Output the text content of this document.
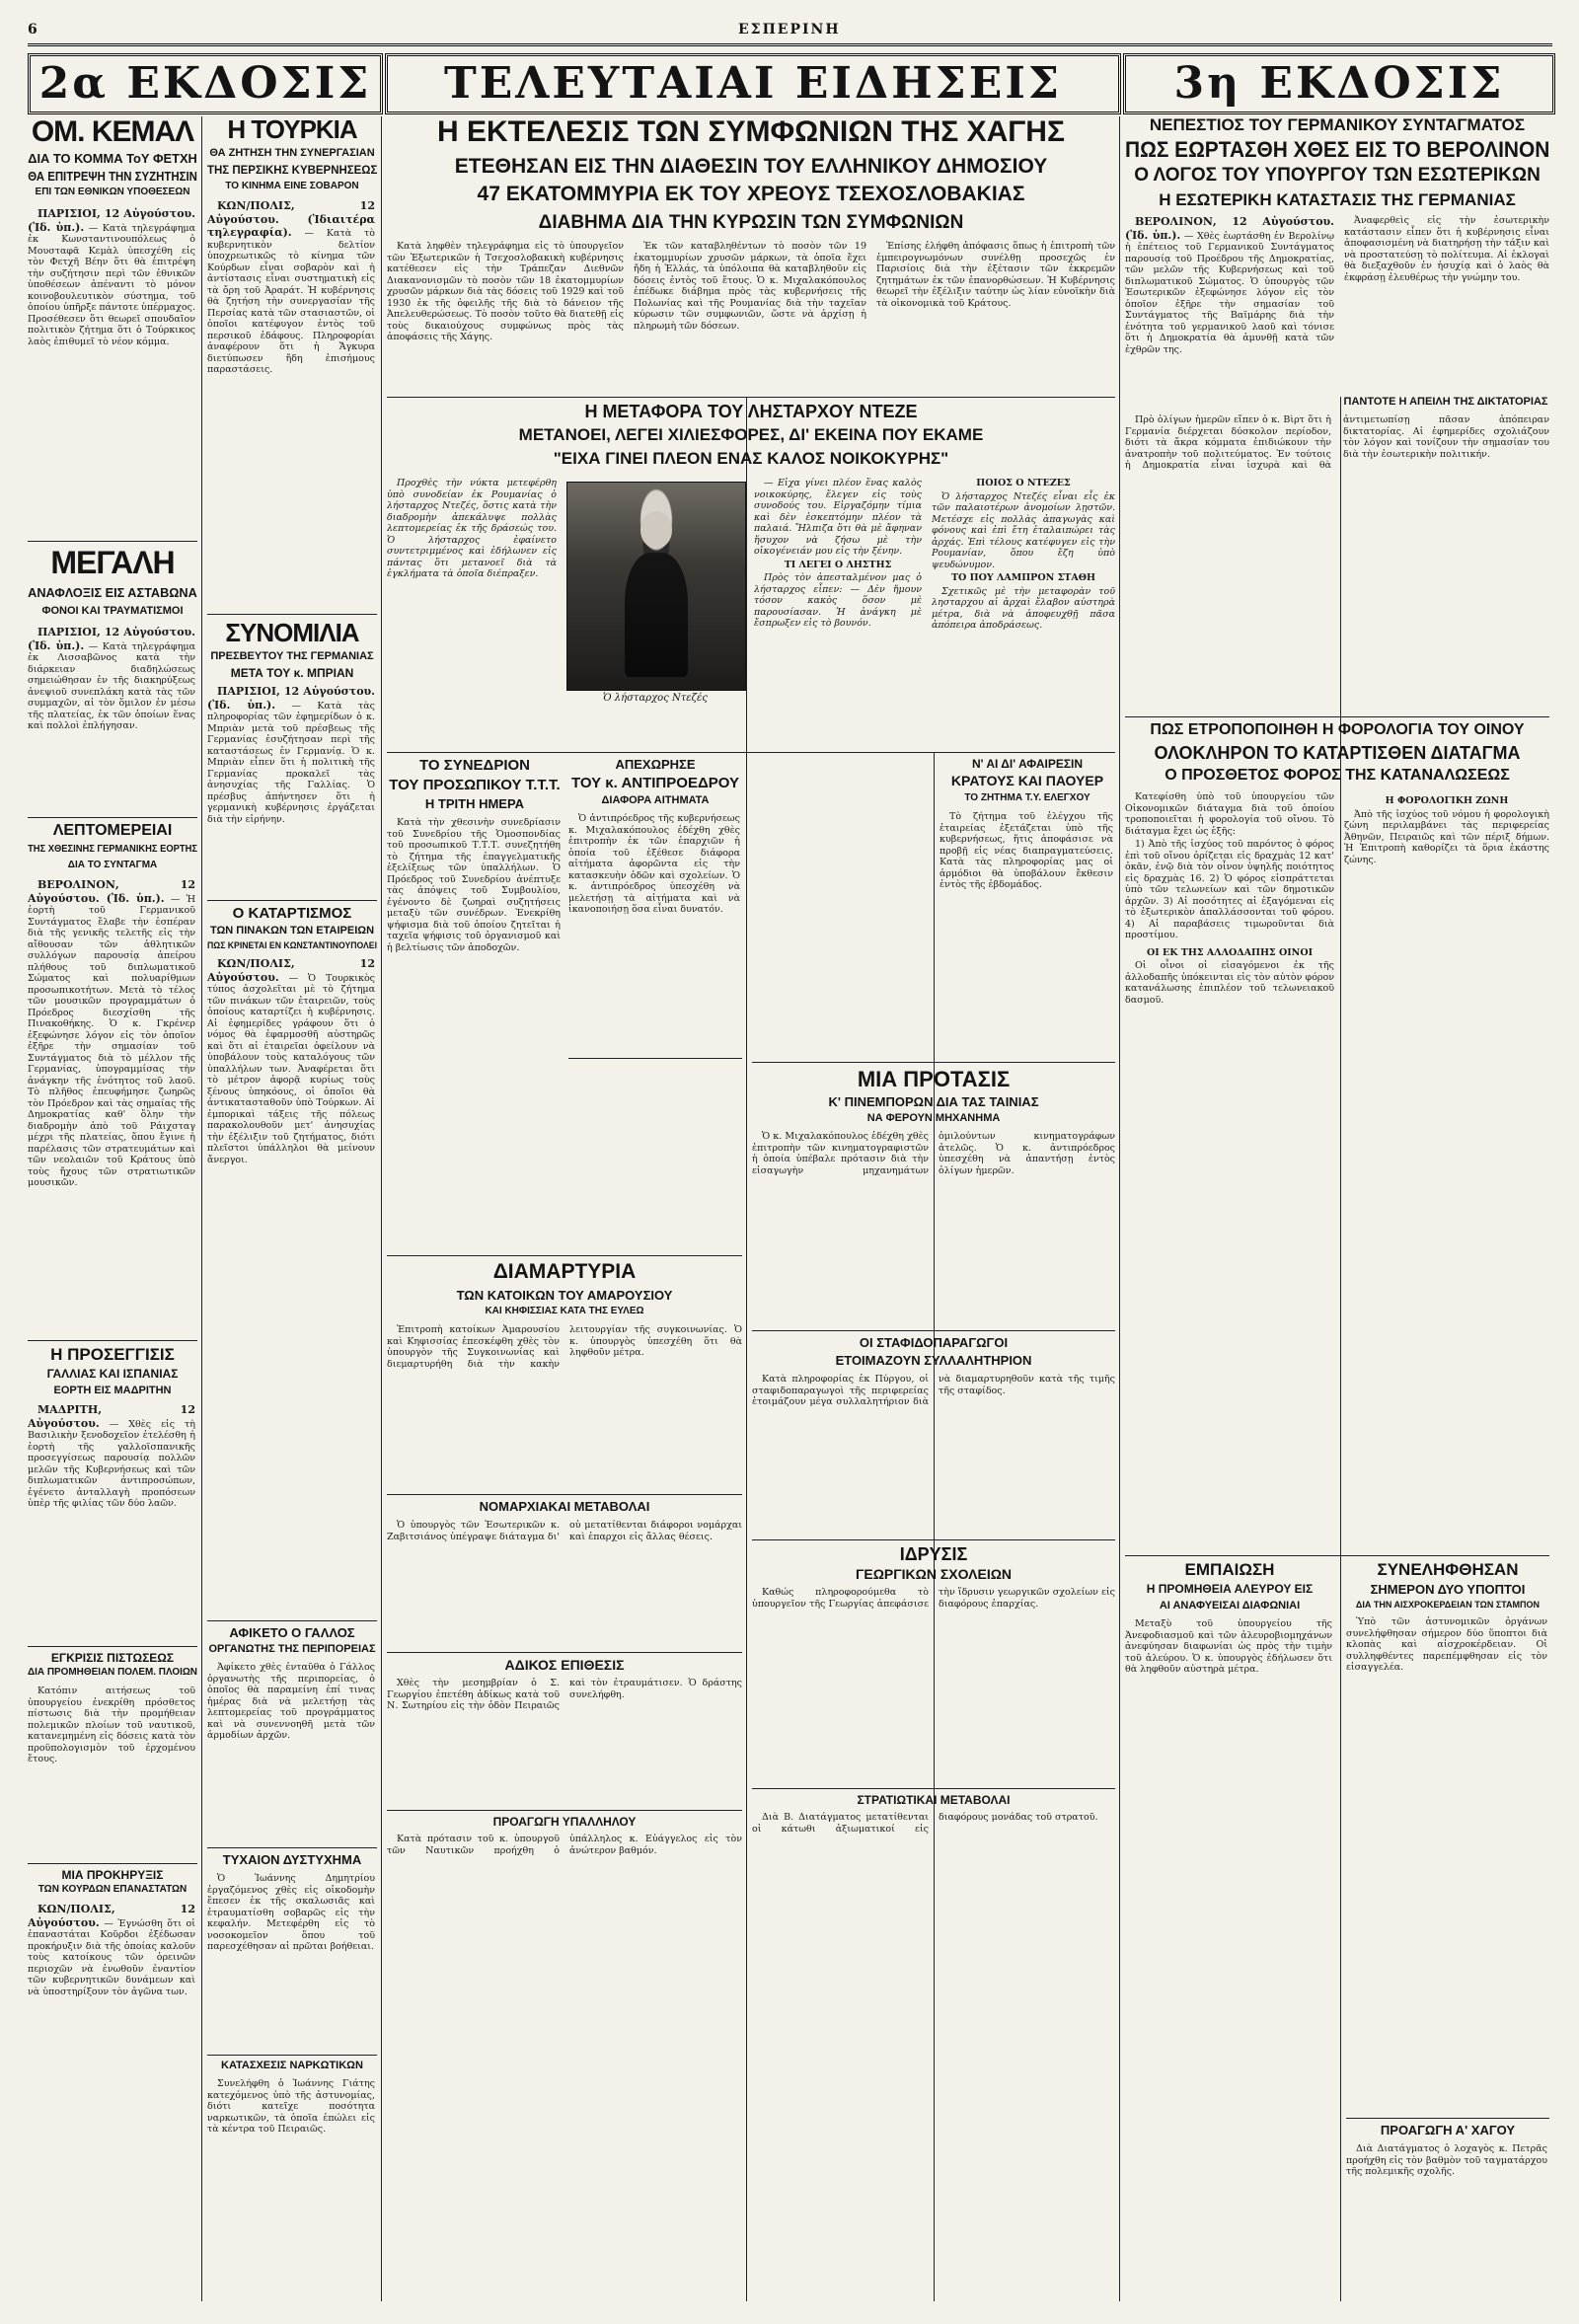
6	ΕΣΠΕΡΙΝΗ
2α ΕΚΔΟΣΙΣ	ΤΕΛΕΥΤΑΙΑΙ ΕΙΔΗΣΕΙΣ	3η ΕΚΔΟΣΙΣ
ΟΜ. ΚΕΜΑΛ
ΔΙΑ ΤΟ ΚΟΜΜΑ ΤοΥ ΦΕΤΧΗ
ΘΑ ΕΠΙΤΡΕΨΗ ΤΗΝ ΣΥΖΗΤΗΣΙΝ
ΕΠΙ ΤΩΝ ΕΘΝΙΚΩΝ ΥΠΟΘΕΣΕΩΝ

ΠΑΡΙΣΙΟΙ, 12 Αὐγούστου. (Ἰδ. ὑπ.). — Κατὰ τηλεγράφημα ἐκ Κωνσταντινουπόλεως ὁ Μουσταφᾶ Κεμὰλ ὑπεσχέθη εἰς τὸν Φετχῆ Βέην ὅτι θὰ ἐπιτρέψη τὴν συζήτησιν περὶ τῶν ἐθνικῶν ὑποθέσεων ἀπέναντι τὸ μόνον κοινοβουλευτικὸν σύστημα, τοῦ ὁποίου ὑπῆρξε πάντοτε ὑπέρμαχος. Προσέθεσεν ὅτι θεωρεῖ σπουδαῖον πολιτικὸν ζήτημα ὅτι ὁ Τούρκικος λαὸς ἐπιθυμεῖ τὸ νέον κόμμα.

ΜΕΓΑΛΗ
ΑΝΑΦΛΟΞΙΣ ΕΙΣ ΑΣΤΑΒΩΝΑ
ΦΟΝΟΙ ΚΑΙ ΤΡΑΥΜΑΤΙΣΜΟΙ

ΠΑΡΙΣΙΟΙ, 12 Αὐγούστου. (Ἰδ. ὑπ.). — Κατὰ τηλεγράφημα ἐκ Λισσαβῶνος κατὰ τὴν διάρκειαν διαδηλώσεως σημειώθησαν ἐν τῆς διακηρύξεως ἀνεψιοῦ συνεπλάκη κατὰ τὰς τῶν συμμαχῶν, αἱ τὸν ὅμιλον ἐν μέσω τῆς πλατείας, ἐκ τῶν ὁποίων ἕνας καὶ πολλοὶ ἐπλήγησαν.

ΛΕΠΤΟΜΕΡΕΙΑΙ
ΤΗΣ ΧΘΕΣΙΝΗΣ ΓΕΡΜΑΝΙΚΗΣ ΕΟΡΤΗΣ
ΔΙΑ ΤΟ ΣΥΝΤΑΓΜΑ

ΒΕΡΟΛΙΝΟΝ, 12 Αὐγούστου. (Ἰδ. ὑπ.). — Ἡ ἑορτὴ τοῦ Γερμανικοῦ Συντάγματος ἔλαβε τὴν ἑσπέραν διὰ τῆς γενικῆς τελετῆς εἰς τὴν αἴθουσαν τῶν ἀθλητικῶν συλλόγων παρουσίᾳ ἀπείρου πλήθους τοῦ διπλωματικοῦ Σώματος καὶ πολυαρίθμων προσωπικοτήτων. Μετὰ τὸ τέλος τῶν μουσικῶν προγραμμάτων ὁ Πρόεδρος διεσχίσθη τῆς Πινακοθήκης. Ὁ κ. Γκρένερ ἐξεφώνησε λόγον εἰς τὸν ὁποῖον ἐξῆρε τὴν σημασίαν τοῦ Συντάγματος διὰ τὸ μέλλον τῆς Γερμανίας, ὑπογραμμίσας τὴν ἀνάγκην τῆς ἑνότητος τοῦ λαοῦ. Τὸ πλῆθος ἐπευφήμησε ζωηρῶς τὸν Πρόεδρον καὶ τὰς σημαίας τῆς Δημοκρατίας καθ' ὅλην τὴν διαδρομὴν ἀπὸ τοῦ Ράιχσταγ μέχρι τῆς πλατείας, ὅπου ἔγινε ἡ παρέλασις τῶν στρατευμάτων καὶ τῶν νεολαιῶν τοῦ Κράτους ὑπὸ τοὺς ἤχους τῶν στρατιωτικῶν μουσικῶν.

Η ΠΡΟΣΕΓΓΙΣΙΣ
ΓΑΛΛΙΑΣ ΚΑΙ ΙΣΠΑΝΙΑΣ
ΕΟΡΤΗ ΕΙΣ ΜΑΔΡΙΤΗΝ

ΜΑΔΡΙΤΗ, 12 Αὐγούστου. — Χθὲς εἰς τὴ Βασιλικὴν ξενοδοχεῖον ἐτελέσθη ἡ ἑορτὴ τῆς γαλλοϊσπανικῆς προσεγγίσεως παρουσίᾳ πολλῶν μελῶν τῆς Κυβερνήσεως καὶ τῶν διπλωματικῶν ἀντιπροσώπων, ἐγένετο ἀνταλλαγὴ προπόσεων ὑπὲρ τῆς φιλίας τῶν δύο λαῶν.

ΕΓΚΡΙΣΙΣ ΠΙΣΤΩΣΕΩΣ
ΔΙΑ ΠΡΟΜΗΘΕΙΑΝ ΠΟΛΕΜ. ΠΛΟΙΩΝ

Κατόπιν αιτήσεως τοῦ ὑπουργείου ἐνεκρίθη πρόσθετος πίστωσις διὰ τὴν προμήθειαν πολεμικῶν πλοίων τοῦ ναυτικοῦ, κατανεμημένη εἰς δόσεις κατὰ τὸν προϋπολογισμὸν τοῦ ἐρχομένου ἔτους.

ΜΙΑ ΠΡΟΚΗΡΥΞΙΣ
ΤΩΝ ΚΟΥΡΔΩΝ ΕΠΑΝΑΣΤΑΤΩΝ

ΚΩΝ/ΠΟΛΙΣ, 12 Αὐγούστου. — Ἐγνώσθη ὅτι οἱ ἐπαναστάται Κοῦρδοι ἐξέδωσαν προκήρυξιν διὰ τῆς ὁποίας καλοῦν τοὺς κατοίκους τῶν ὀρεινῶν περιοχῶν νὰ ἐνωθοῦν ἐναντίον τῶν κυβερνητικῶν δυνάμεων καὶ νὰ ὑποστηρίξουν τὸν ἀγῶνα των.

Η ΤΟΥΡΚΙΑ
ΘΑ ΖΗΤΗΣΗ ΤΗΝ ΣΥΝΕΡΓΑΣΙΑΝ
ΤΗΣ ΠΕΡΣΙΚΗΣ ΚΥΒΕΡΝΗΣΕΩΣ
ΤΟ ΚΙΝΗΜΑ ΕΙΝΕ ΣΟΒΑΡΟΝ

ΚΩΝ/ΠΟΛΙΣ, 12 Αὐγούστου. (Ἰδιαιτέρα τηλεγραφία). — Κατὰ τὸ κυβερνητικὸν δελτίον ὑποχρεωτικῶς τὸ κίνημα τῶν Κούρδων εἶναι σοβαρὸν καὶ ἡ ἀντίστασις εἶναι συστηματικὴ εἰς τὰ ὄρη τοῦ Ἀραράτ. Ἡ κυβέρνησις θὰ ζητήση τὴν συνεργασίαν τῆς Περσίας κατὰ τῶν στασιαστῶν, οἱ ὁποῖοι κατέφυγον ἐντὸς τοῦ περσικοῦ ἐδάφους. Πληροφορίαι ἀναφέρουν ὅτι ἡ Ἄγκυρα διετύπωσεν ἤδη ἐπισήμους παραστάσεις.

ΣΥΝΟΜΙΛΙΑ
ΠΡΕΣΒΕΥΤΟΥ ΤΗΣ ΓΕΡΜΑΝΙΑΣ
ΜΕΤΑ ΤΟΥ κ. ΜΠΡΙΑΝ

ΠΑΡΙΣΙΟΙ, 12 Αὐγούστου. (Ἰδ. ὑπ.). — Κατὰ τὰς πληροφορίας τῶν ἐφημερίδων ὁ κ. Μπριὰν μετὰ τοῦ πρέσβεως τῆς Γερμανίας ἐσυζήτησαν περὶ τῆς καταστάσεως ἐν Γερμανίᾳ. Ὁ κ. Μπριὰν εἶπεν ὅτι ἡ πολιτικὴ τῆς Γερμανίας προκαλεῖ τὰς ἀνησυχίας τῆς Γαλλίας. Ὁ πρέσβυς ἀπήντησεν ὅτι ἡ γερμανικὴ κυβέρνησις ἐργάζεται διὰ τὴν εἰρήνην.

Ο ΚΑΤΑΡΤΙΣΜΟΣ
ΤΩΝ ΠΙΝΑΚΩΝ ΤΩΝ ΕΤΑΙΡΕΙΩΝ
ΠΩΣ ΚΡΙΝΕΤΑΙ ΕΝ ΚΩΝΣΤΑΝΤΙΝΟΥΠΟΛΕΙ

ΚΩΝ/ΠΟΛΙΣ, 12 Αὐγούστου. — Ὁ Τουρκικὸς τύπος ἀσχολεῖται μὲ τὸ ζήτημα τῶν πινάκων τῶν ἐταιρειῶν, τοὺς ὁποίους καταρτίζει ἡ κυβέρνησις. Αἱ ἐφημερίδες γράφουν ὅτι ὁ νόμος θὰ ἐφαρμοσθῆ αὐστηρῶς καὶ ὅτι αἱ ἐταιρεῖαι ὀφείλουν νὰ ὑποβάλουν τοὺς καταλόγους τῶν ὑπαλλήλων των. Ἀναφέρεται ὅτι τὸ μέτρον ἀφορᾷ κυρίως τοὺς ξένους ὑπηκόους, οἱ ὁποῖοι θὰ ἀντικατασταθοῦν ὑπὸ Τούρκων. Αἱ ἐμπορικαὶ τάξεις τῆς πόλεως παρακολουθοῦν μετ' ἀνησυχίας τὴν ἐξέλιξιν τοῦ ζητήματος, διότι πλεῖστοι ὑπάλληλοι θὰ μείνουν ἄνεργοι.

ΑΦΙΚΕΤΟ Ο ΓΑΛΛΟΣ
ΟΡΓΑΝΩΤΗΣ ΤΗΣ ΠΕΡΙΠΟΡΕΙΑΣ

Ἀφίκετο χθὲς ἐνταῦθα ὁ Γάλλος ὀργανωτὴς τῆς περιπορείας, ὁ ὁποῖος θὰ παραμείνη ἐπί τινας ἡμέρας διὰ νὰ μελετήσῃ τὰς λεπτομερείας τοῦ προγράμματος καὶ νὰ συνεννοηθῆ μετὰ τῶν ἁρμοδίων ἀρχῶν.

ΤΥΧΑΙΟΝ ΔΥΣΤΥΧΗΜΑ

Ὁ Ἰωάννης Δημητρίου ἐργαζόμενος χθὲς εἰς οἰκοδομὴν ἔπεσεν ἐκ τῆς σκαλωσιᾶς καὶ ἐτραυματίσθη σοβαρῶς εἰς τὴν κεφαλήν. Μετεφέρθη εἰς τὸ νοσοκομεῖον ὅπου τοῦ παρεσχέθησαν αἱ πρῶται βοήθειαι.

ΚΑΤΑΣΧΕΣΙΣ ΝΑΡΚΩΤΙΚΩΝ

Συνελήφθη ὁ Ἰωάννης Γιάτης κατεχόμενος ὑπὸ τῆς ἀστυνομίας, διότι κατεῖχε ποσότητα ναρκωτικῶν, τὰ ὁποῖα ἐπώλει εἰς τὰ κέντρα τοῦ Πειραιῶς.

Η ΕΚΤΕΛΕΣΙΣ ΤΩΝ ΣΥΜΦΩΝΙΩΝ ΤΗΣ ΧΑΓΗΣ
ΕΤΕΘΗΣΑΝ ΕΙΣ ΤΗΝ ΔΙΑΘΕΣΙΝ ΤΟΥ ΕΛΛΗΝΙΚΟΥ ΔΗΜΟΣΙΟΥ
47 ΕΚΑΤΟΜΜΥΡΙΑ ΕΚ ΤΟΥ ΧΡΕΟΥΣ ΤΣΕΧΟΣΛΟΒΑΚΙΑΣ
ΔΙΑΒΗΜΑ ΔΙΑ ΤΗΝ ΚΥΡΩΣΙΝ ΤΩΝ ΣΥΜΦΩΝΙΩΝ

Κατὰ ληφθὲν τηλεγράφημα εἰς τὸ ὑπουργεῖον τῶν Ἐξωτερικῶν ἡ Τσεχοσλοβακικὴ κυβέρνησις κατέθεσεν εἰς τὴν Τράπεζαν Διεθνῶν Διακανονισμῶν τὸ ποσὸν τῶν 18 ἑκατομμυρίων χρυσῶν μάρκων διὰ τὰς δόσεις τοῦ 1929 καὶ τοῦ 1930 ἐκ τῆς ὀφειλῆς τῆς διὰ τὸ δάνειον τῆς Ἀπελευθερώσεως. Τὸ ποσὸν τοῦτο θὰ διατεθῇ εἰς τοὺς δικαιούχους συμφώνως πρὸς τὰς ἀποφάσεις τῆς Χάγης.

Ἐκ τῶν καταβληθέντων τὸ ποσὸν τῶν 19 ἑκατομμυρίων χρυσῶν μάρκων, τὰ ὁποῖα ἔχει ἤδη ἡ Ἑλλάς, τὰ ὑπόλοιπα θὰ καταβληθοῦν εἰς δόσεις ἐντὸς τοῦ ἔτους. Ὁ κ. Μιχαλακόπουλος ἐπέδωκε διάβημα πρὸς τὰς κυβερνήσεις τῆς Πολωνίας καὶ τῆς Ρουμανίας διὰ τὴν ταχεῖαν κύρωσιν τῶν συμφωνιῶν, ὥστε νὰ ἀρχίσῃ ἡ πληρωμὴ τῶν δόσεων.

Ἐπίσης ἐλήφθη ἀπόφασις ὅπως ἡ ἐπιτροπὴ τῶν ἐμπειρογνωμόνων συνέλθῃ προσεχῶς ἐν Παρισίοις διὰ τὴν ἐξέτασιν τῶν ἐκκρεμῶν ζητημάτων ἐκ τῶν ἐπανορθώσεων. Ἡ Κυβέρνησις θεωρεῖ τὴν ἐξέλιξιν ταύτην ὡς λίαν εὐνοϊκὴν διὰ τὰ οἰκονομικὰ τοῦ Κράτους.

Η ΜΕΤΑΦΟΡΑ ΤΟΥ ΛΗΣΤΑΡΧΟΥ ΝΤΕΖΕ
ΜΕΤΑΝΟΕΙ, ΛΕΓΕΙ ΧΙΛΙΕΣΦΟΡΕΣ, ΔΙ' ΕΚΕΙΝΑ ΠΟΥ ΕΚΑΜΕ
"ΕΙΧΑ ΓΙΝΕΙ ΠΛΕΟΝ ΕΝΑΣ ΚΑΛΟΣ ΝΟΙΚΟΚΥΡΗΣ"

Προχθὲς τὴν νύκτα μετεφέρθη ὑπὸ συνοδείαν ἐκ Ρουμανίας ὁ λήσταρχος Ντεζές, ὅστις κατὰ τὴν διαδρομὴν ἀπεκάλυψε πολλὰς λεπτομερείας ἐκ τῆς δράσεώς του. Ὁ λήσταρχος ἐφαίνετο συντετριμμένος καὶ ἐδήλωνεν εἰς πάντας ὅτι μετανοεῖ διὰ τὰ ἐγκλήματα τὰ ὁποῖα διέπραξεν.

Ὁ λήσταρχος Ντεζές

— Εἶχα γίνει πλέον ἕνας καλὸς νοικοκύρης, ἔλεγεν εἰς τοὺς συνοδούς του. Εἰργαζόμην τίμια καὶ δὲν ἐσκεπτόμην πλέον τὰ παλαιά. Ἤλπιζα ὅτι θὰ μὲ ἄφηναν ἥσυχον νὰ ζήσω μὲ τὴν οἰκογένειάν μου εἰς τὴν ξένην.

ΤΙ ΛΕΓΕΙ Ο ΛΗΣΤΗΣ

Πρὸς τὸν ἀπεσταλμένον μας ὁ λήσταρχος εἶπεν: — Δὲν ἤμουν τόσον κακὸς ὅσον μὲ παρουσίασαν. Ἡ ἀνάγκη μὲ ἔσπρωξεν εἰς τὸ βουνόν.

ΠΟΙΟΣ Ο ΝΤΕΖΕΣ

Ὁ λήσταρχος Ντεζές εἶναι εἷς ἐκ τῶν παλαιοτέρων ἀνομοίων λῃστῶν. Μετέσχε εἰς πολλὰς ἀπαγωγὰς καὶ φόνους καὶ ἐπὶ ἔτη ἐταλαιπώρει τὰς ἀρχάς. Ἐπὶ τέλους κατέφυγεν εἰς τὴν Ρουμανίαν, ὅπου ἔζη ὑπὸ ψευδώνυμον.

ΤΟ ΠΟΥ ΛΑΜΠΡΟΝ ΣΤΑΘΗ

Σχετικῶς μὲ τὴν μεταφορὰν τοῦ λησταρχου αἱ ἀρχαὶ ἔλαβον αὐστηρὰ μέτρα, διὰ νὰ ἀποφευχθῇ πᾶσα ἀπόπειρα ἀποδράσεως.

ΤΟ ΣΥΝΕΔΡΙΟΝ
ΤΟΥ ΠΡΟΣΩΠΙΚΟΥ Τ.Τ.Τ.
Η ΤΡΙΤΗ ΗΜΕΡΑ

Κατὰ τὴν χθεσινὴν συνεδρίασιν τοῦ Συνεδρίου τῆς Ὁμοσπονδίας τοῦ προσωπικοῦ Τ.Τ.Τ. συνεζητήθη τὸ ζήτημα τῆς ἐπαγγελματικῆς ἐξελίξεως τῶν ὑπαλλήλων. Ὁ Πρόεδρος τοῦ Συνεδρίου ἀνέπτυξε τὰς ἀπόψεις τοῦ Συμβουλίου, ἐγένοντο δὲ ζωηραὶ συζητήσεις μεταξὺ τῶν συνέδρων. Ἐνεκρίθη ψήφισμα διὰ τοῦ ὁποίου ζητεῖται ἡ ταχεῖα ψήφισις τοῦ ὀργανισμοῦ καὶ ἡ βελτίωσις τῶν ἀποδοχῶν.

ΑΠΕΧΩΡΗΣΕ
ΤΟΥ κ. ΑΝΤΙΠΡΟΕΔΡΟΥ
ΔΙΑΦΟΡΑ ΑΙΤΗΜΑΤΑ

Ὁ ἀντιπρόεδρος τῆς κυβερνήσεως κ. Μιχαλακόπουλος ἐδέχθη χθὲς ἐπιτροπὴν ἐκ τῶν ἐπαρχιῶν ἡ ὁποία τοῦ ἐξέθεσε διάφορα αἰτήματα ἀφορῶντα εἰς τὴν κατασκευὴν ὁδῶν καὶ σχολείων. Ὁ κ. ἀντιπρόεδρος ὑπεσχέθη νὰ μελετήσῃ τὰ αἰτήματα καὶ νὰ ἱκανοποιήσῃ ὅσα εἶναι δυνατόν.

ΔΙΑΜΑΡΤΥΡΙΑ
ΤΩΝ ΚΑΤΟΙΚΩΝ ΤΟΥ ΑΜΑΡΟΥΣΙΟΥ
ΚΑΙ ΚΗΦΙΣΣΙΑΣ ΚΑΤΑ ΤΗΣ ΕΥΛΕΩ

Ἐπιτροπὴ κατοίκων Ἀμαρουσίου καὶ Κηφισσίας ἐπεσκέφθη χθὲς τὸν ὑπουργὸν τῆς Συγκοινωνίας καὶ διεμαρτυρήθη διὰ τὴν κακὴν λειτουργίαν τῆς συγκοινωνίας. Ὁ κ. ὑπουργὸς ὑπεσχέθη ὅτι θὰ ληφθοῦν μέτρα.

ΝΟΜΑΡΧΙΑΚΑΙ ΜΕΤΑΒΟΛΑΙ

Ὁ ὑπουργὸς τῶν Ἐσωτερικῶν κ. Ζαβιτσιάνος ὑπέγραψε διάταγμα δι' οὗ μετατίθενται διάφοροι νομάρχαι καὶ ἐπαρχοι εἰς ἄλλας θέσεις.

ΑΔΙΚΟΣ ΕΠΙΘΕΣΙΣ

Χθὲς τὴν μεσημβρίαν ὁ Σ. Γεωργίου ἐπετέθη ἀδίκως κατὰ τοῦ Ν. Σωτηρίου εἰς τὴν ὁδὸν Πειραιῶς καὶ τὸν ἐτραυμάτισεν. Ὁ δράστης συνελήφθη.

ΠΡΟΑΓΩΓΗ ΥΠΑΛΛΗΛΟΥ

Κατὰ πρότασιν τοῦ κ. ὑπουργοῦ τῶν Ναυτικῶν προήχθη ὁ ὑπάλληλος κ. Εὐάγγελος εἰς τὸν ἀνώτερον βαθμόν.

ΜΙΑ ΠΡΟΤΑΣΙΣ
Κ' ΠΙΝΕΜΠΟΡΩΝ ΔΙΑ ΤΑΣ ΤΑΙΝΙΑΣ
ΝΑ ΦΕΡΟΥΝ ΜΗΧΑΝΗΜΑ

Ὁ κ. Μιχαλακόπουλος ἐδέχθη χθὲς ἐπιτροπὴν τῶν κινηματογραφιστῶν ἡ ὁποία ὑπέβαλε πρότασιν διὰ τὴν εἰσαγωγὴν μηχανημάτων ὁμιλούντων κινηματογράφων ἀτελῶς. Ὁ κ. ἀντιπρόεδρος ὑπεσχέθη νὰ ἀπαντήσῃ ἐντὸς ὀλίγων ἡμερῶν.

Ν' ΑΙ ΔΙ' ΑΦΑΙΡΕΣΙΝ
ΚΡΑΤΟΥΣ ΚΑΙ ΠΑΟΥΕΡ
ΤΟ ΖΗΤΗΜΑ Τ.Υ. ΕΛΕΓΧΟΥ

Τὸ ζήτημα τοῦ ἐλέγχου τῆς ἑταιρείας ἐξετάζεται ὑπὸ τῆς κυβερνήσεως, ἥτις ἀποφάσισε νὰ προβῇ εἰς νέας διαπραγματεύσεις. Κατὰ τὰς πληροφορίας μας οἱ ἁρμόδιοι θὰ ὑποβάλουν ἔκθεσιν ἐντὸς τῆς ἑβδομάδος.

ΟΙ ΣΤΑΦΙΔΟΠΑΡΑΓΩΓΟΙ
ΕΤΟΙΜΑΖΟΥΝ ΣΥΛΛΑΛΗΤΗΡΙΟΝ

Κατὰ πληροφορίας ἐκ Πύργου, οἱ σταφιδοπαραγωγοὶ τῆς περιφερείας ἑτοιμάζουν μέγα συλλαλητήριον διὰ νὰ διαμαρτυρηθοῦν κατὰ τῆς τιμῆς τῆς σταφίδος.

ΙΔΡΥΣΙΣ
ΓΕΩΡΓΙΚΩΝ ΣΧΟΛΕΙΩΝ

Καθώς πληροφορούμεθα τὸ ὑπουργεῖον τῆς Γεωργίας ἀπεφάσισε τὴν ἵδρυσιν γεωργικῶν σχολείων εἰς διαφόρους ἐπαρχίας.

ΣΤΡΑΤΙΩΤΙΚΑΙ ΜΕΤΑΒΟΛΑΙ

Διὰ Β. Διατάγματος μετατίθενται οἱ κάτωθι ἀξιωματικοί εἰς διαφόρους μονάδας τοῦ στρατοῦ.

ΝΕΠΕΣΤΙΟΣ ΤΟΥ ΓΕΡΜΑΝΙΚΟΥ ΣΥΝΤΑΓΜΑΤΟΣ
ΠΩΣ ΕΩΡΤΑΣΘΗ ΧΘΕΣ ΕΙΣ ΤΟ ΒΕΡΟΛΙΝΟΝ
Ο ΛΟΓΟΣ ΤΟΥ ΥΠΟΥΡΓΟΥ ΤΩΝ ΕΣΩΤΕΡΙΚΩΝ
Η ΕΣΩΤΕΡΙΚΗ ΚΑΤΑΣΤΑΣΙΣ ΤΗΣ ΓΕΡΜΑΝΙΑΣ

ΒΕΡΟΛΙΝΟΝ, 12 Αὐγούστου. (Ἰδ. ὑπ.). — Χθὲς ἐωρτάσθη ἐν Βερολίνῳ ἡ ἐπέτειος τοῦ Γερμανικοῦ Συντάγματος παρουσίᾳ τοῦ Προέδρου τῆς Δημοκρατίας, τῶν μελῶν τῆς Κυβερνήσεως καὶ τοῦ διπλωματικοῦ Σώματος. Ὁ ὑπουργὸς τῶν Ἐσωτερικῶν ἐξεφώνησε λόγον εἰς τὸν ὁποῖον ἐξῆρε τὴν σημασίαν τοῦ Συντάγματος τῆς Βαϊμάρης διὰ τὴν ἑνότητα τοῦ γερμανικοῦ λαοῦ καὶ τόνισε ὅτι ἡ Δημοκρατία θὰ ἀμυνθῇ κατὰ τῶν ἐχθρῶν της.

Ἀναφερθεὶς εἰς τὴν ἐσωτερικὴν κατάστασιν εἶπεν ὅτι ἡ κυβέρνησις εἶναι ἀποφασισμένη νὰ διατηρήσῃ τὴν τάξιν καὶ νὰ προστατεύσῃ τὸ πολίτευμα. Αἱ ἐκλογαὶ θὰ διεξαχθοῦν ἐν ἡσυχίᾳ καὶ ὁ λαὸς θὰ ἐκφράσῃ ἐλευθέρως τὴν γνώμην του.

ΠΑΝΤΟΤΕ Η ΑΠΕΙΛΗ ΤΗΣ ΔΙΚΤΑΤΟΡΙΑΣ

Πρὸ ὀλίγων ἡμερῶν εἴπεν ὁ κ. Βὶρτ ὅτι ἡ Γερμανία διέρχεται δύσκολον περίοδον, διότι τὰ ἄκρα κόμματα ἐπιδιώκουν τὴν ἀνατροπὴν τοῦ πολιτεύματος. Ἐν τούτοις ἡ Δημοκρατία εἶναι ἰσχυρὰ καὶ θὰ ἀντιμετωπίσῃ πᾶσαν ἀπόπειραν δικτατορίας. Αἱ ἐφημερίδες σχολιάζουν τὸν λόγον καὶ τονίζουν τὴν σημασίαν του διὰ τὴν ἐσωτερικὴν πολιτικήν.

ΠΩΣ ΕΤΡΟΠΟΠΟΙΗΘΗ Η ΦΟΡΟΛΟΓΙΑ ΤΟΥ ΟΙΝΟΥ
ΟΛΟΚΛΗΡΟΝ ΤΟ ΚΑΤΑΡΤΙΣΘΕΝ ΔΙΑΤΑΓΜΑ
Ο ΠΡΟΣΘΕΤΟΣ ΦΟΡΟΣ ΤΗΣ ΚΑΤΑΝΑΛΩΣΕΩΣ

Κατεφίσθη ὑπὸ τοῦ ὑπουργείου τῶν Οἰκονομικῶν διάταγμα διὰ τοῦ ὁποίου τροποποιεῖται ἡ φορολογία τοῦ οἴνου. Τὸ διάταγμα ἔχει ὡς ἑξῆς:

1) Ἀπὸ τῆς ἰσχύος τοῦ παρόντος ὁ φόρος ἐπὶ τοῦ οἴνου ὁρίζεται εἰς δραχμὰς 12 κατ' ὀκᾶν, ἐνῷ διὰ τὸν οἶνον ὑψηλῆς ποιότητος εἰς δραχμὰς 16. 2) Ὁ φόρος εἰσπράττεται ὑπὸ τῶν τελωνείων καὶ τῶν δημοτικῶν ἀρχῶν. 3) Αἱ ποσότητες αἱ ἐξαγόμεναι εἰς τὸ ἐξωτερικὸν ἀπαλλάσσονται τοῦ φόρου. 4) Αἱ παραβάσεις τιμωροῦνται διὰ προστίμου.

ΟΙ ΕΚ ΤΗΣ ΑΛΛΟΔΑΠΗΣ ΟΙΝΟΙ

Οἱ οἶνοι οἱ εἰσαγόμενοι ἐκ τῆς ἀλλοδαπῆς ὑπόκεινται εἰς τὸν αὐτὸν φόρον κατανάλωσης ἐπιπλέον τοῦ τελωνειακοῦ δασμοῦ.

Η ΦΟΡΟΛΟΓΙΚΗ ΖΩΝΗ

Ἀπὸ τῆς ἰσχύος τοῦ νόμου ἡ φορολογικὴ ζώνη περιλαμβάνει τὰς περιφερείας Ἀθηνῶν, Πειραιῶς καὶ τῶν πέριξ δήμων. Ἡ Ἐπιτροπὴ καθορίζει τὰ ὅρια ἑκάστης ζώνης.

ΕΜΠΑΙΩΣΗ
Η ΠΡΟΜΗΘΕΙΑ ΑΛΕΥΡΟΥ ΕΙΣ
ΑΙ ΑΝΑΦΥΕΙΣΑΙ ΔΙΑΦΩΝΙΑΙ

Μεταξὺ τοῦ ὑπουργείου τῆς Ἀνεφοδιασμοῦ καὶ τῶν ἀλευροβιομηχάνων ἀνεφύησαν διαφωνίαι ὡς πρὸς τὴν τιμὴν τοῦ ἀλεύρου. Ὁ κ. ὑπουργὸς ἐδήλωσεν ὅτι θὰ ληφθοῦν αὐστηρὰ μέτρα.

ΣΥΝΕΛΗΦΘΗΣΑΝ
ΣΗΜΕΡΟΝ ΔΥΟ ΥΠΟΠΤΟΙ
ΔΙΑ ΤΗΝ ΑΙΣΧΡΟΚΕΡΔΕΙΑΝ ΤΩΝ ΣΤΑΜΠΟΝ

Ὑπὸ τῶν ἀστυνομικῶν ὀργάνων συνελήφθησαν σήμερον δύο ὕποπτοι διὰ κλοπὰς καὶ αἰσχροκέρδειαν. Οἱ συλληφθέντες παρεπέμφθησαν εἰς τὸν εἰσαγγελέα.

ΠΡΟΑΓΩΓΗ Α' ΧΑΓΟΥ

Διὰ Διατάγματος ὁ λοχαγὸς κ. Πετρᾶς προήχθη εἰς τὸν βαθμὸν τοῦ ταγματάρχου τῆς πολεμικῆς σχολῆς.
